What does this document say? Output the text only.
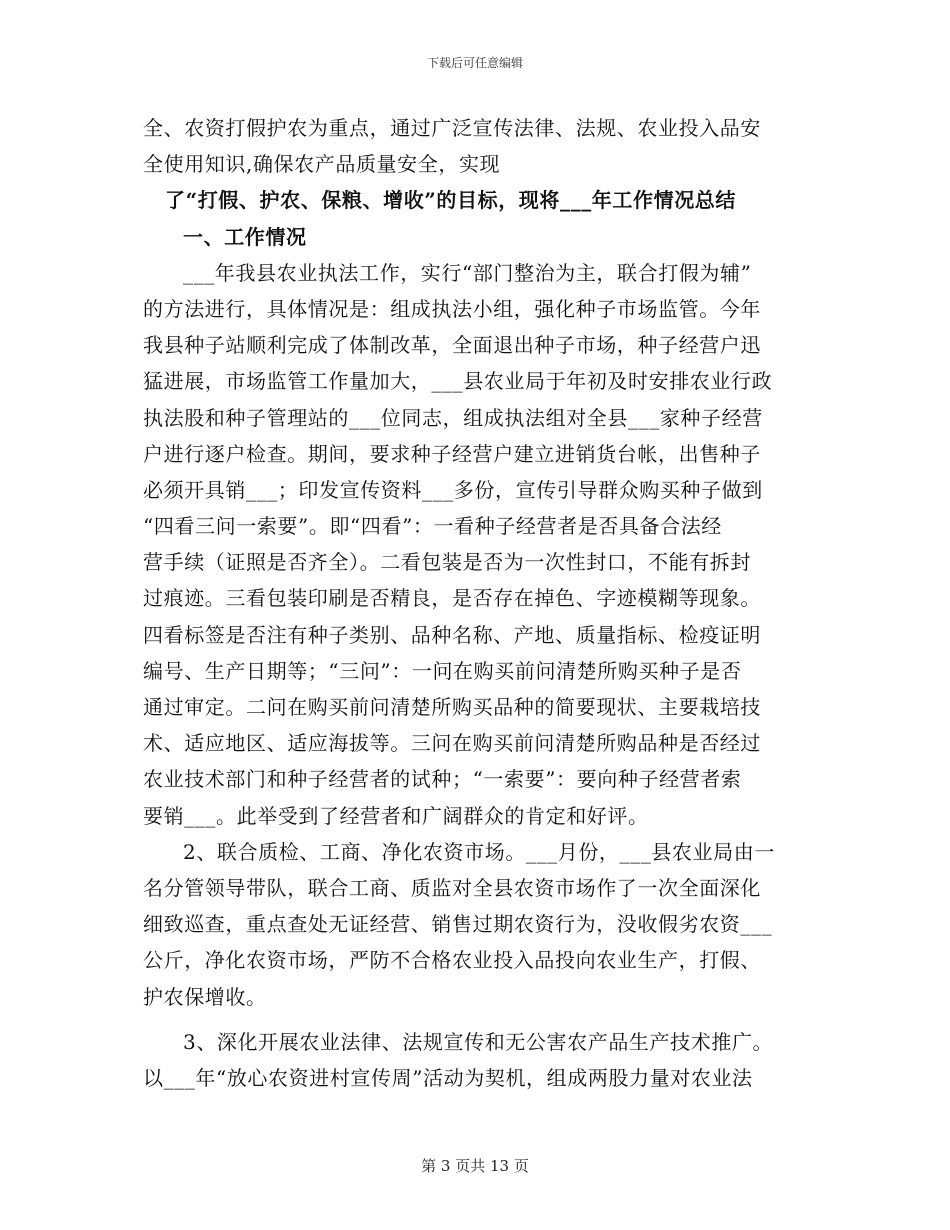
下载后可任意编辑
全、农资打假护农为重点，通过广泛宣传法律、法规、农业投入品安
全使用知识,确保农产品质量安全，实现
了“打假、护农、保粮、增收”的目标，现将___年工作情况总结
一、工作情况
___年我县农业执法工作，实行“部门整治为主，联合打假为辅”
的方法进行，具体情况是：组成执法小组，强化种子市场监管。今年
我县种子站顺利完成了体制改革，全面退出种子市场，种子经营户迅
猛进展，市场监管工作量加大，___县农业局于年初及时安排农业行政
执法股和种子管理站的___位同志，组成执法组对全县___家种子经营
户进行逐户检查。期间，要求种子经营户建立进销货台帐，出售种子
必须开具销___；印发宣传资料___多份，宣传引导群众购买种子做到
“四看三问一索要”。即“四看”：一看种子经营者是否具备合法经
营手续（证照是否齐全）。二看包装是否为一次性封口，不能有拆封
过痕迹。三看包装印刷是否精良，是否存在掉色、字迹模糊等现象。
四看标签是否注有种子类别、品种名称、产地、质量指标、检疫证明
编号、生产日期等；“三问”：一问在购买前问清楚所购买种子是否
通过审定。二问在购买前问清楚所购买品种的简要现状、主要栽培技
术、适应地区、适应海拔等。三问在购买前问清楚所购品种是否经过
农业技术部门和种子经营者的试种；“一索要”：要向种子经营者索
要销___。此举受到了经营者和广阔群众的肯定和好评。
2、联合质检、工商、净化农资市场。___月份，___县农业局由一
名分管领导带队，联合工商、质监对全县农资市场作了一次全面深化
细致巡查，重点查处无证经营、销售过期农资行为，没收假劣农资___
公斤，净化农资市场，严防不合格农业投入品投向农业生产，打假、
护农保增收。
3、深化开展农业法律、法规宣传和无公害农产品生产技术推广。
以___年“放心农资进村宣传周”活动为契机，组成两股力量对农业法
第 3 页共 13 页
